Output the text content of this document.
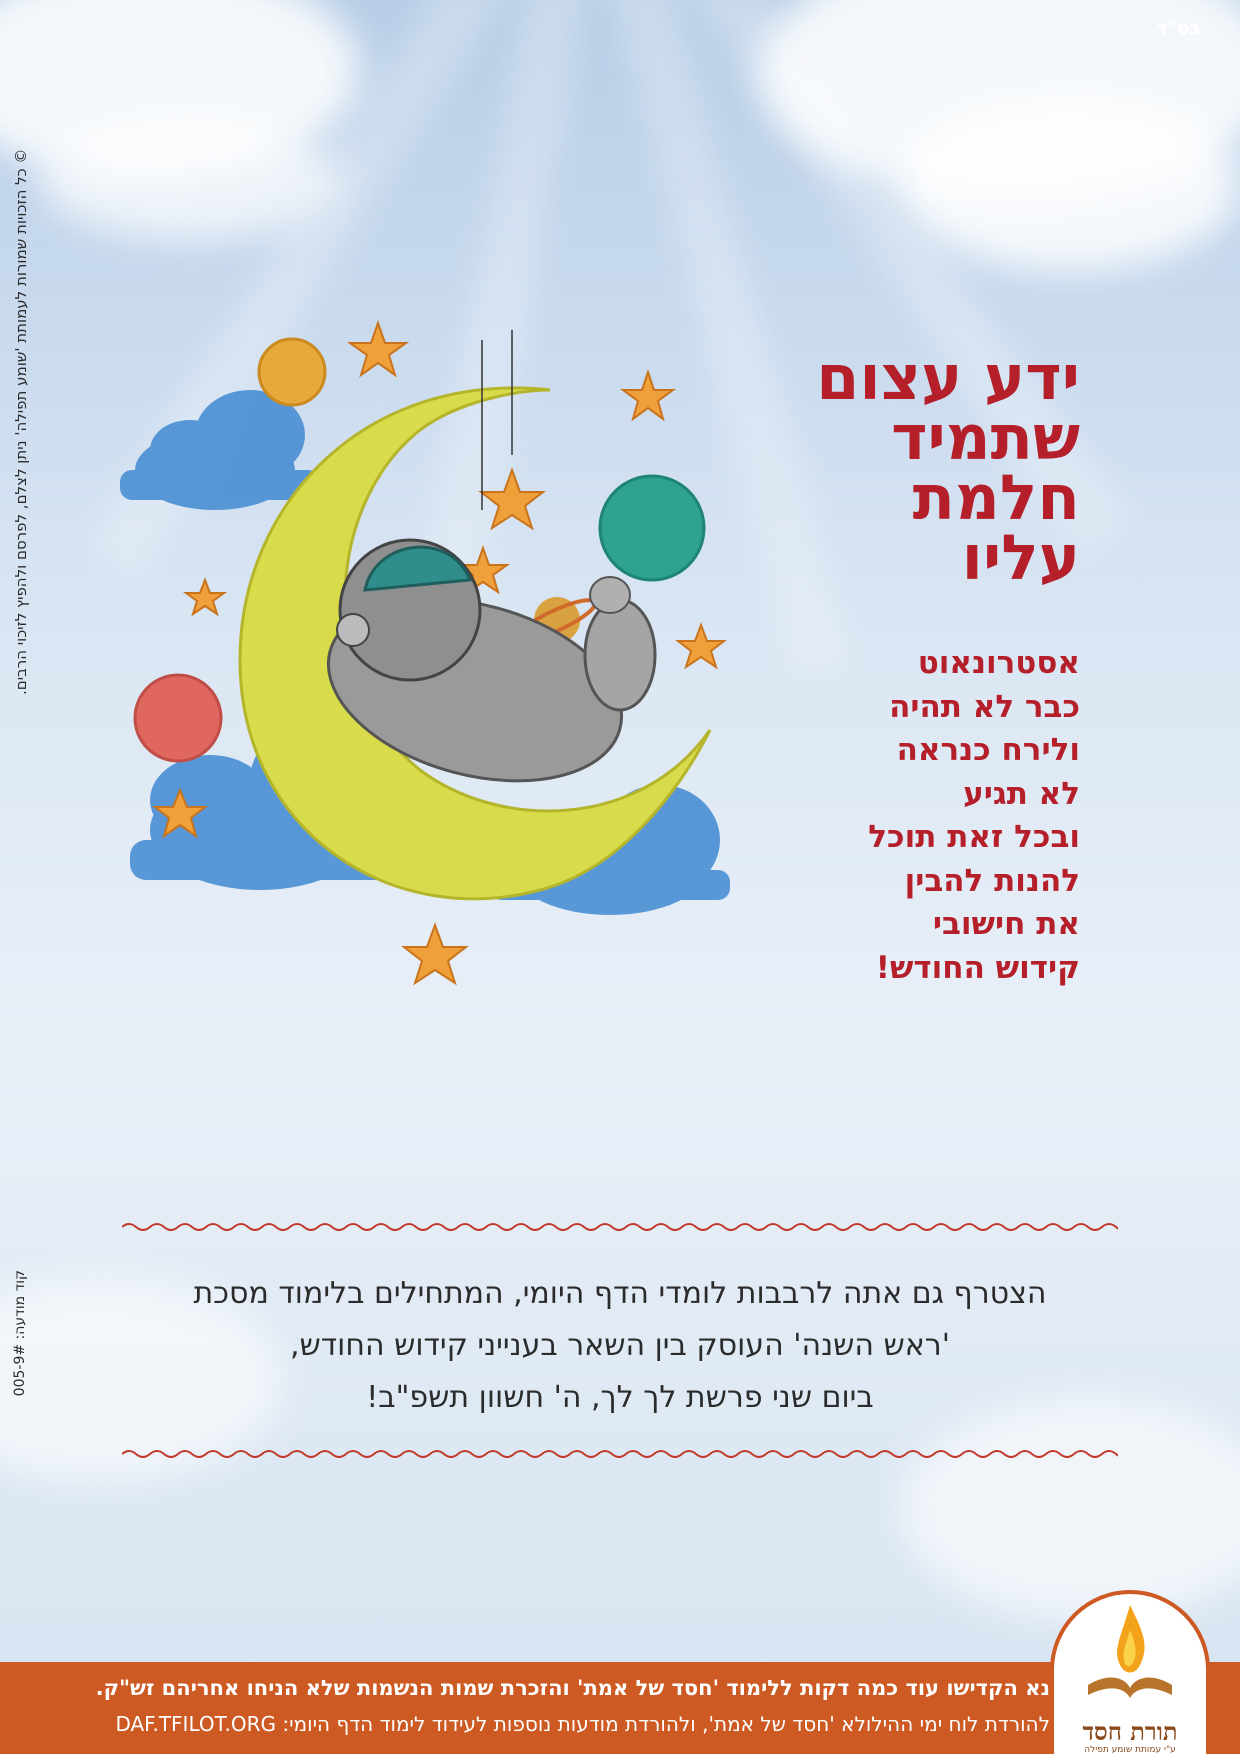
בס"ד
© כל הזכויות שמורות לעמותת 'שומע תפילה' ניתן לצלם, לפרסם ולהפיץ לזיכוי הרבים.
קוד מודעה: 005-9#
ידע עצום
שתמיד
חלמת
עליו
אסטרונאוט
כבר לא תהיה
ולירח כנראה
לא תגיע
ובכל זאת תוכל
להנות להבין
את חישובי
קידוש החודש!
הצטרף גם אתה לרבבות לומדי הדף היומי, המתחילים בלימוד מסכת
'ראש השנה' העוסק בין השאר בענייני קידוש החודש,
ביום שני פרשת לך לך, ה' חשוון תשפ"ב!
נא הקדישו עוד כמה דקות ללימוד 'חסד של אמת' והזכרת שמות הנשמות שלא הניחו אחריהם זש"ק.
להורדת לוח ימי ההילולא 'חסד של אמת', ולהורדת מודעות נוספות לעידוד לימוד הדף היומי: DAF.TFILOT.ORG	תורת חסד
ע"י עמותת שומע תפילה
